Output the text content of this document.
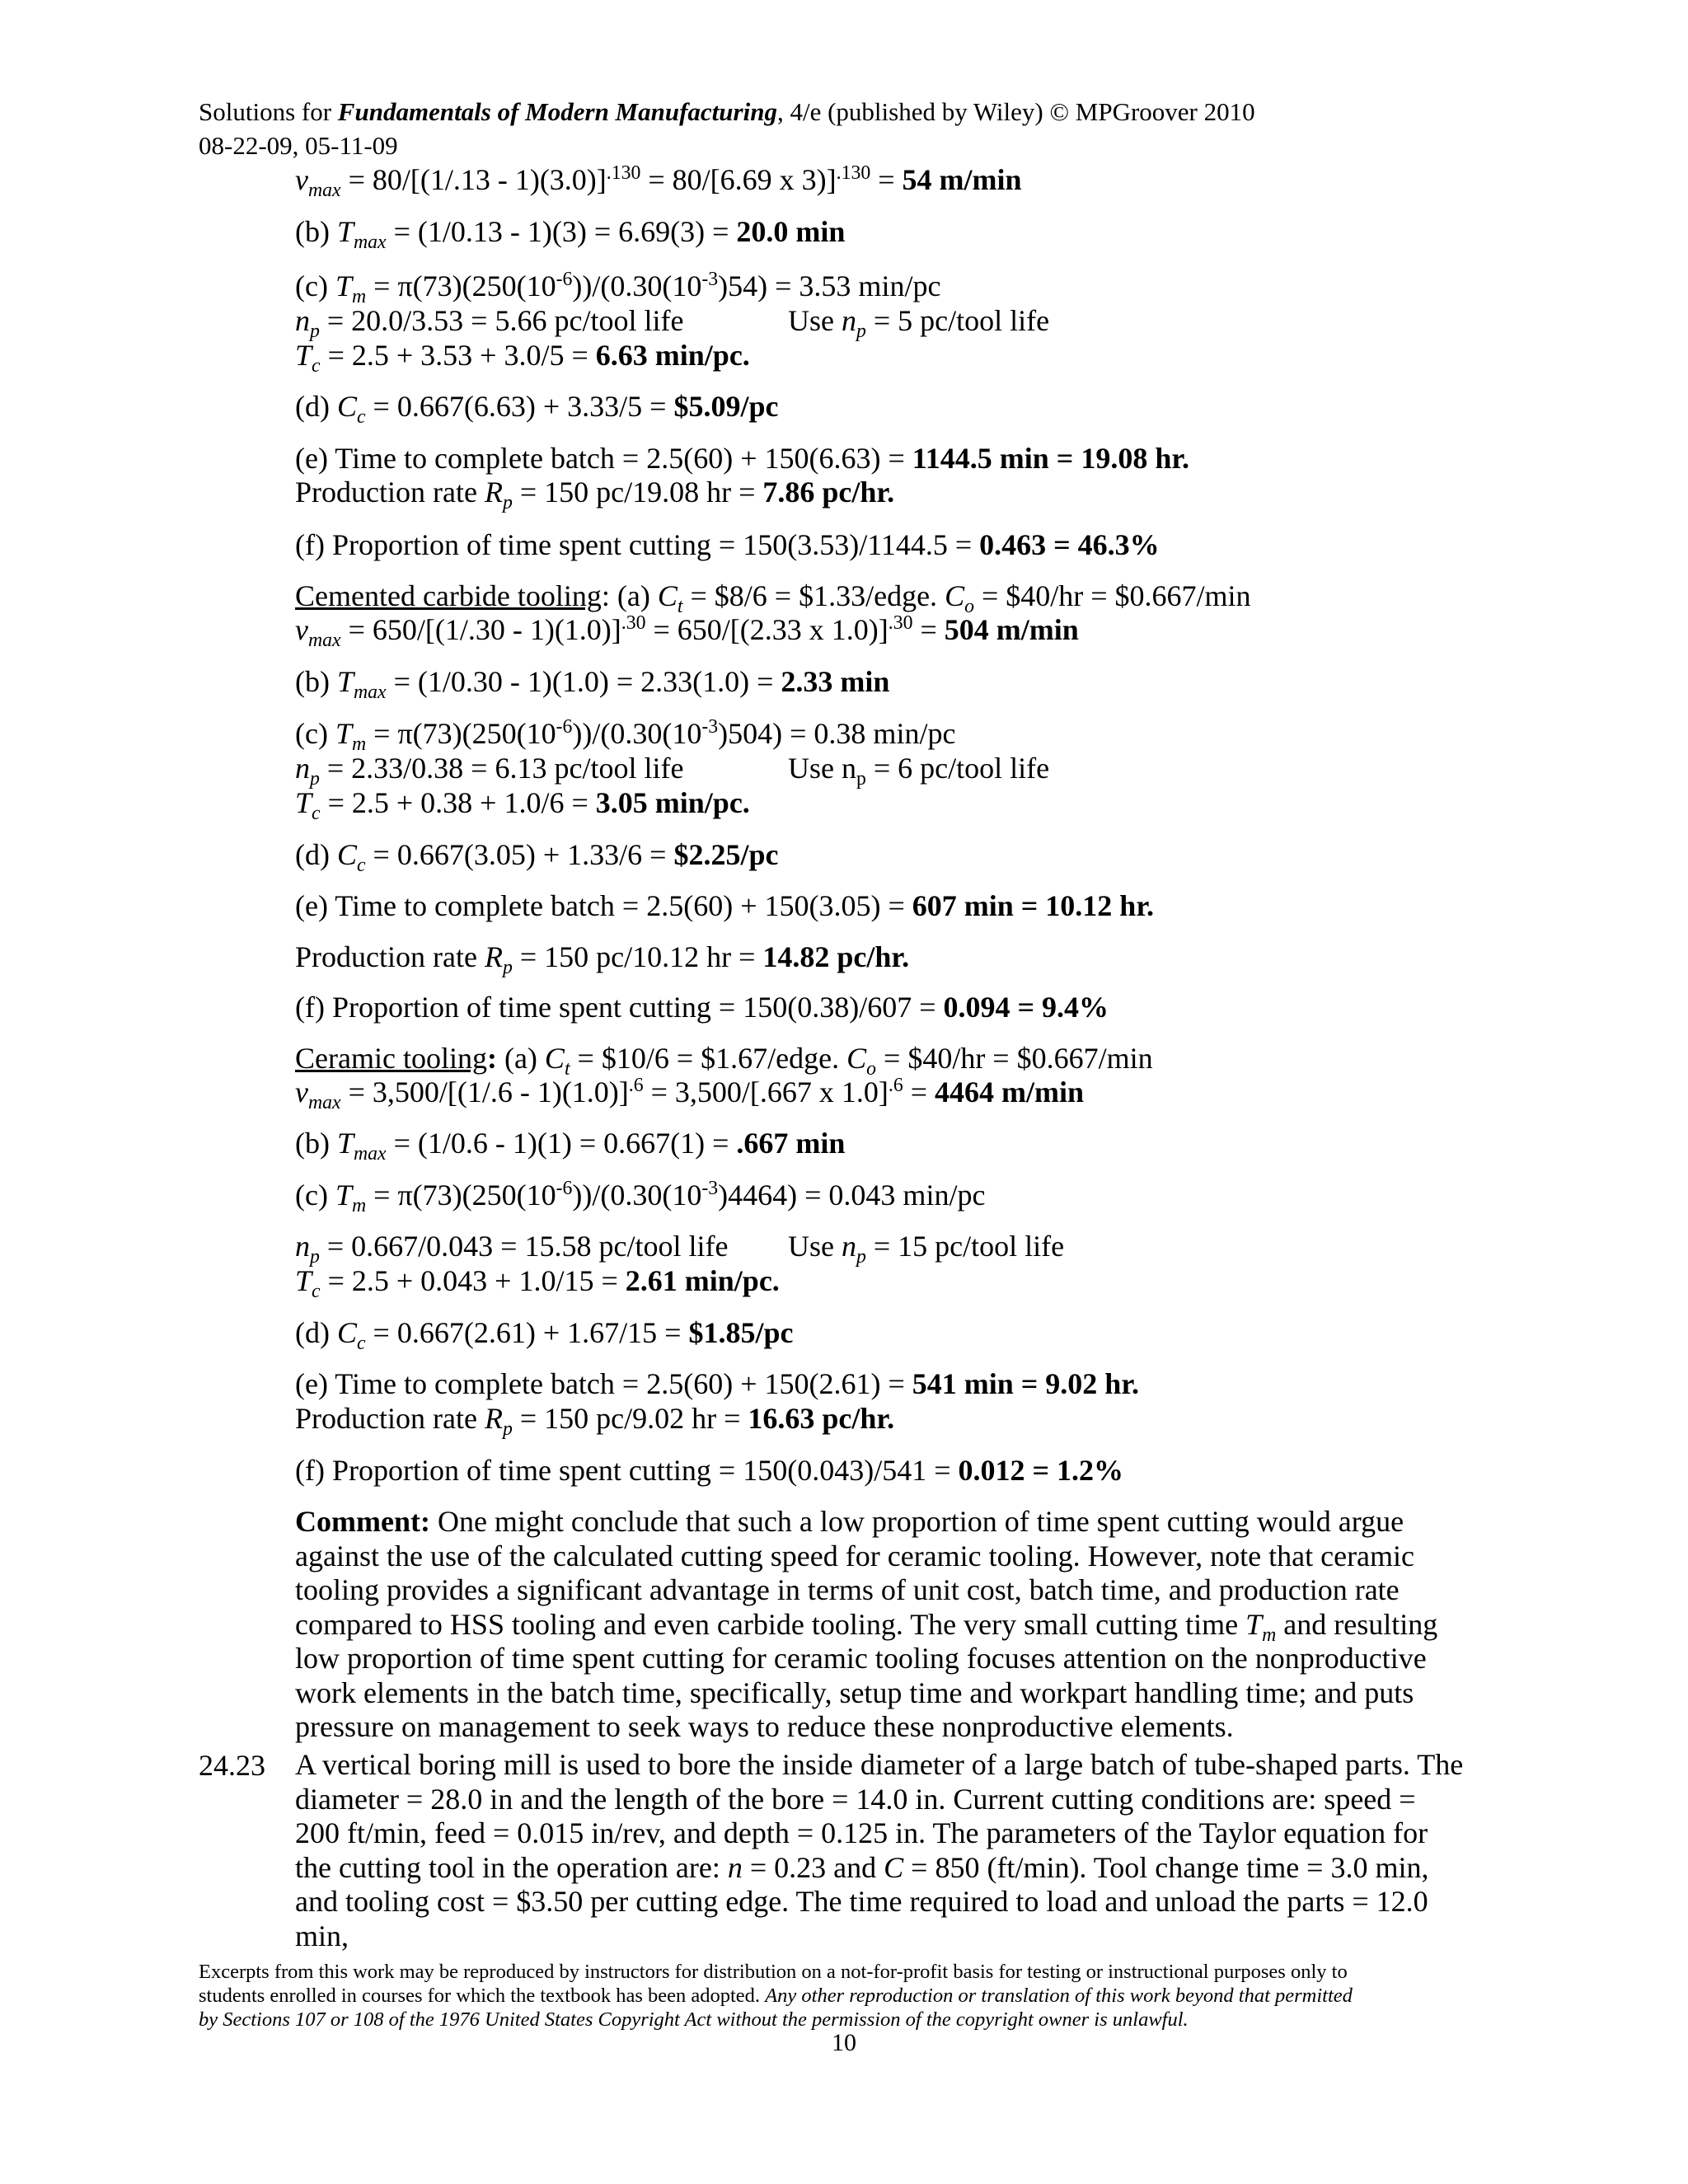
Solutions for Fundamentals of Modern Manufacturing, 4/e (published by Wiley) © MPGroover 2010
08-22-09, 05-11-09
$v_{max} = 80/[(1/.13 - 1)(3.0)]^{.130} = 80/[6.69$ x 3)]$^{.130}$ = 54 m/min
(b) $T_{max} = (1/0.13 - 1)(3) = 6.69(3) = 20.0$ min
(c) $T_m = \pi(73)(250(10^{-6}))/(0.30(10^{-3})54) = 3.53$ min/pc
$n_p = 20.0/3.53 = 5.66$ pc/tool life	Use $n_p = 5$ pc/tool life
$T_c = 2.5 + 3.53 + 3.0/5 = 6.63$ min/pc.
(d) $C_c = 0.667(6.63) + 3.33/5$ = $5.09/pc
(e) Time to complete batch = 2.5(60) + 150(6.63) = 1144.5 min = 19.08 hr.
Production rate $R_p = 150$ pc/19.08 hr = 7.86 pc/hr.
(f) Proportion of time spent cutting = 150(3.53)/1144.5 = 0.463 = 46.3%
Cemented carbide tooling: (a) $C_t$ = $8/6 = $1.33/edge. $C_o$ = $40/hr = $0.667/min
$v_{max} = 650/[(1/.30 - 1)(1.0)]^{.30} = 650/[(2.33$ x 1.0)]$^{.30}$ = 504 m/min
(b) $T_{max} = (1/0.30 - 1)(1.0) = 2.33(1.0) = 2.33$ min
(c) $T_m = \pi(73)(250(10^{-6}))/(0.30(10^{-3})504) = 0.38$ min/pc
$n_p = 2.33/0.38 = 6.13$ pc/tool life	Use $n_p = 6$ pc/tool life
$T_c = 2.5 + 0.38 + 1.0/6 = 3.05$ min/pc.
(d) $C_c = 0.667(3.05) + 1.33/6$ = $2.25/pc
(e) Time to complete batch = 2.5(60) + 150(3.05) = 607 min = 10.12 hr.
Production rate $R_p = 150$ pc/10.12 hr = 14.82 pc/hr.
(f) Proportion of time spent cutting = 150(0.38)/607 = 0.094 = 9.4%
Ceramic tooling: (a) $C_t$ = $10/6 = $1.67/edge. $C_o$ = $40/hr = $0.667/min
$v_{max} = 3,500/[(1/.6 - 1)(1.0)]^{.6} = 3,500/[.667$ x 1.0]$^{.6}$ = 4464 m/min
(b) $T_{max} = (1/0.6 - 1)(1) = 0.667(1) = .667$ min
(c) $T_m = \pi(73)(250(10^{-6}))/(0.30(10^{-3})4464) = 0.043$ min/pc
$n_p = 0.667/0.043 = 15.58$ pc/tool life Use $n_p = 15$ pc/tool life
$T_c = 2.5 + 0.043 + 1.0/15 = 2.61$ min/pc.
(d) $C_c = 0.667(2.61) + 1.67/15$ = $1.85/pc
(e) Time to complete batch = 2.5(60) + 150(2.61) = 541 min = 9.02 hr.
Production rate $R_p = 150$ pc/9.02 hr = 16.63 pc/hr.
(f) Proportion of time spent cutting = 150(0.043)/541 = 0.012 = 1.2%
Comment: One might conclude that such a low proportion of time spent cutting would argue against the use of the calculated cutting speed for ceramic tooling. However, note that ceramic tooling provides a significant advantage in terms of unit cost, batch time, and production rate compared to HSS tooling and even carbide tooling. The very small cutting time $T_m$ and resulting low proportion of time spent cutting for ceramic tooling focuses attention on the nonproductive work elements in the batch time, specifically, setup time and workpart handling time; and puts pressure on management to seek ways to reduce these nonproductive elements.
24.23 A vertical boring mill is used to bore the inside diameter of a large batch of tube-shaped parts. The diameter = 28.0 in and the length of the bore = 14.0 in. Current cutting conditions are: speed = 200 ft/min, feed = 0.015 in/rev, and depth = 0.125 in. The parameters of the Taylor equation for the cutting tool in the operation are: n = 0.23 and C = 850 (ft/min). Tool change time = 3.0 min, and tooling cost = $3.50 per cutting edge. The time required to load and unload the parts = 12.0 min,
Excerpts from this work may be reproduced by instructors for distribution on a not-for-profit basis for testing or instructional purposes only to
students enrolled in courses for which the textbook has been adopted. Any other reproduction or translation of this work beyond that permitted
by Sections 107 or 108 of the 1976 United States Copyright Act without the permission of the copyright owner is unlawful.
10
